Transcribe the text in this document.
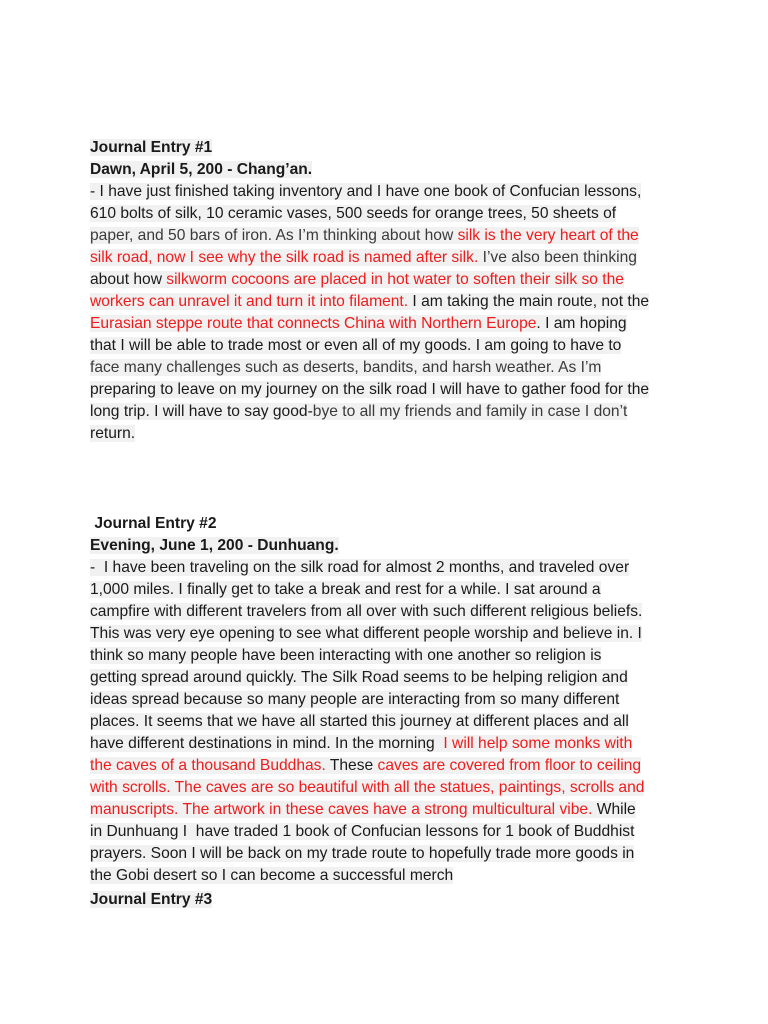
Journal Entry #1
Dawn, April 5, 200 - Chang’an.
- I have just finished taking inventory and I have one book of Confucian lessons,
610 bolts of silk, 10 ceramic vases, 500 seeds for orange trees, 50 sheets of
paper, and 50 bars of iron. As I’m thinking about how silk is the very heart of the
silk road, now I see why the silk road is named after silk. I’ve also been thinking
about how silkworm cocoons are placed in hot water to soften their silk so the
workers can unravel it and turn it into filament. I am taking the main route, not the
Eurasian steppe route that connects China with Northern Europe. I am hoping
that I will be able to trade most or even all of my goods. I am going to have to
face many challenges such as deserts, bandits, and harsh weather. As I’m
preparing to leave on my journey on the silk road I will have to gather food for the
long trip. I will have to say good-bye to all my friends and family in case I don’t
return.
Journal Entry #2
Evening, June 1, 200 - Dunhuang.
-  I have been traveling on the silk road for almost 2 months, and traveled over
1,000 miles. I finally get to take a break and rest for a while. I sat around a
campfire with different travelers from all over with such different religious beliefs.
This was very eye opening to see what different people worship and believe in. I
think so many people have been interacting with one another so religion is
getting spread around quickly. The Silk Road seems to be helping religion and
ideas spread because so many people are interacting from so many different
places. It seems that we have all started this journey at different places and all
have different destinations in mind. In the morning  I will help some monks with
the caves of a thousand Buddhas. These caves are covered from floor to ceiling
with scrolls. The caves are so beautiful with all the statues, paintings, scrolls and
manuscripts. The artwork in these caves have a strong multicultural vibe. While
in Dunhuang I  have traded 1 book of Confucian lessons for 1 book of Buddhist
prayers. Soon I will be back on my trade route to hopefully trade more goods in
the Gobi desert so I can become a successful merch
Journal Entry #3
